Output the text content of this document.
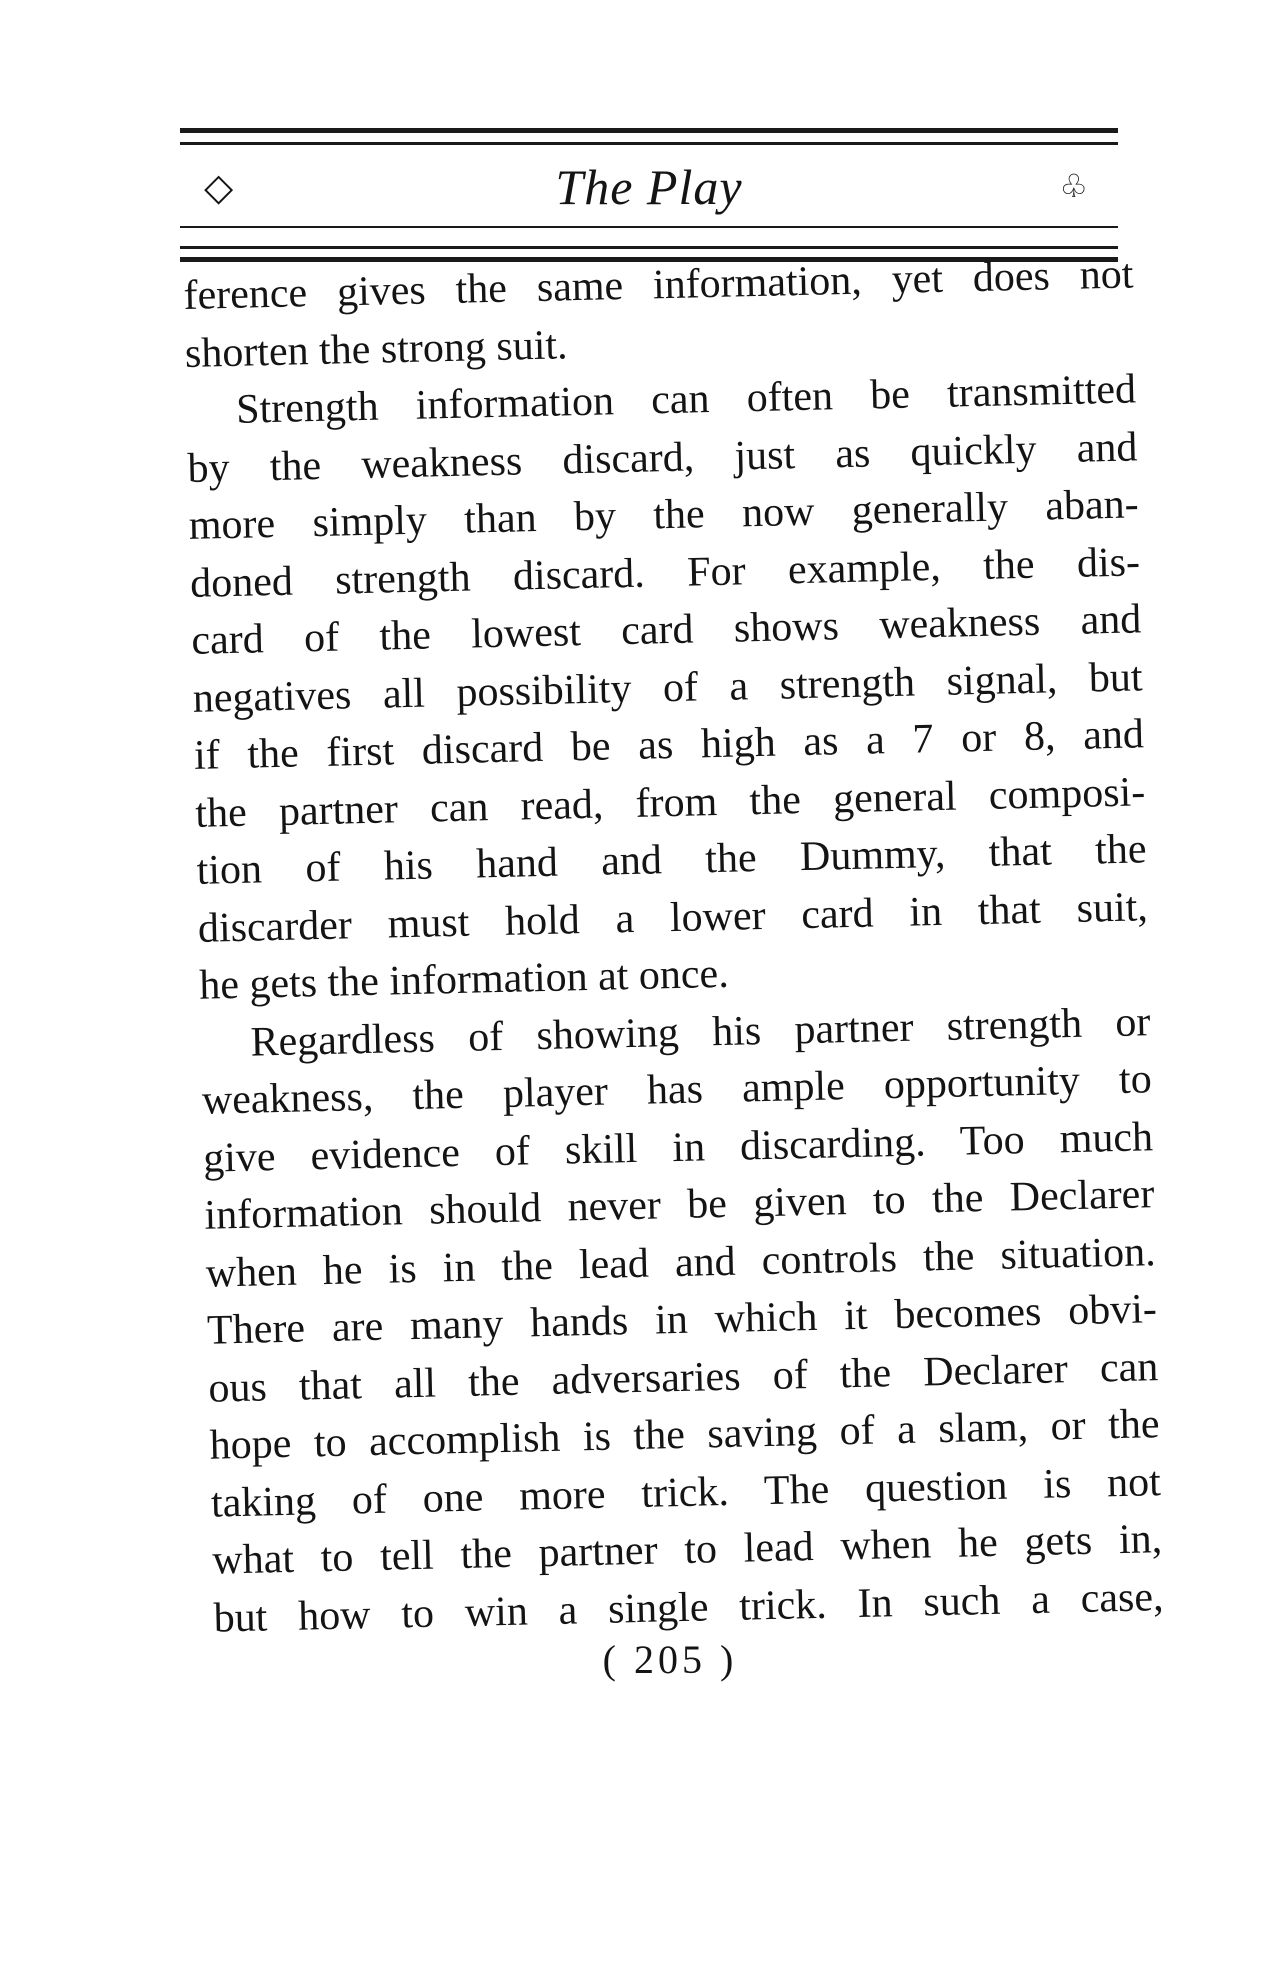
◇	The Play	♧
ference gives the same information, yet does not
shorten the strong suit.
Strength information can often be transmitted
by the weakness discard, just as quickly and
more simply than by the now generally aban-
doned strength discard. For example, the dis-
card of the lowest card shows weakness and
negatives all possibility of a strength signal, but
if the first discard be as high as a 7 or 8, and
the partner can read, from the general composi-
tion of his hand and the Dummy, that the
discarder must hold a lower card in that suit,
he gets the information at once.
Regardless of showing his partner strength or
weakness, the player has ample opportunity to
give evidence of skill in discarding. Too much
information should never be given to the Declarer
when he is in the lead and controls the situation.
There are many hands in which it becomes obvi-
ous that all the adversaries of the Declarer can
hope to accomplish is the saving of a slam, or the
taking of one more trick. The question is not
what to tell the partner to lead when he gets in,
but how to win a single trick. In such a case,
( 205 )
